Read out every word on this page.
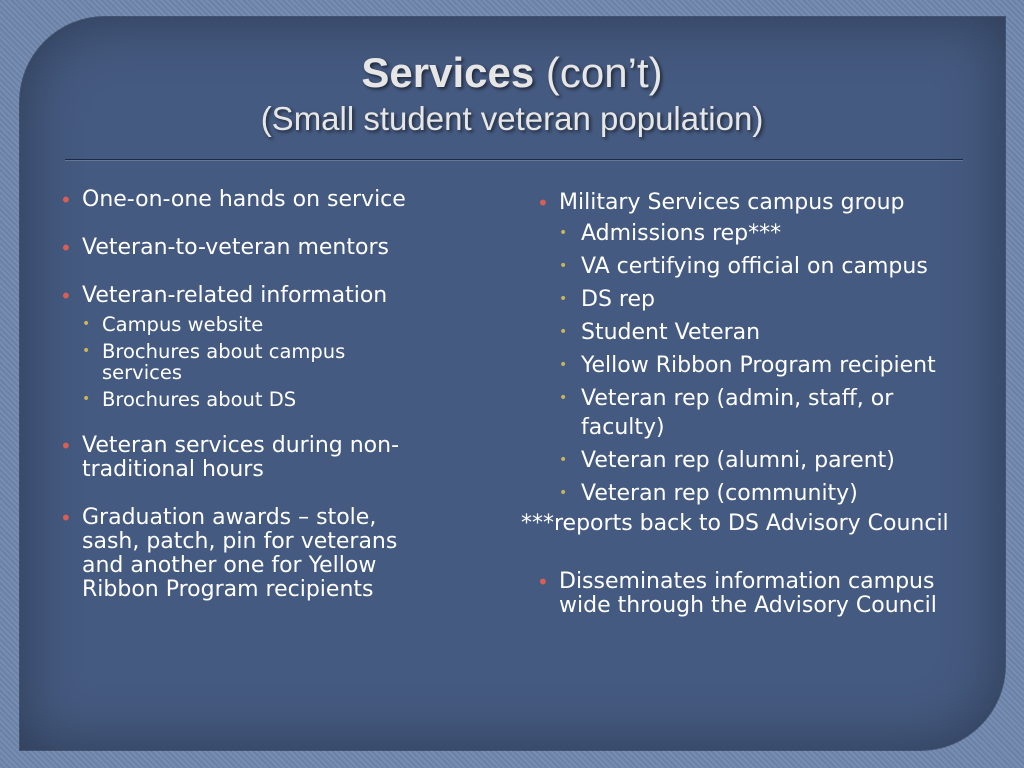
Services (con’t)
(Small student veteran population)
• One-on-one hands on service
• Veteran-to-veteran mentors
• Veteran-related information
• Campus website
• Brochures about campus services
• Brochures about DS
• Veteran services during non-traditional hours
• Graduation awards – stole, sash, patch, pin for veterans and another one for Yellow Ribbon Program recipients
• Military Services campus group
• Admissions rep***
• VA certifying official on campus
• DS rep
• Student Veteran
• Yellow Ribbon Program recipient
• Veteran rep (admin, staff, or faculty)
• Veteran rep (alumni, parent)
• Veteran rep (community)
***reports back to DS Advisory Council
• Disseminates information campus wide through the Advisory Council
